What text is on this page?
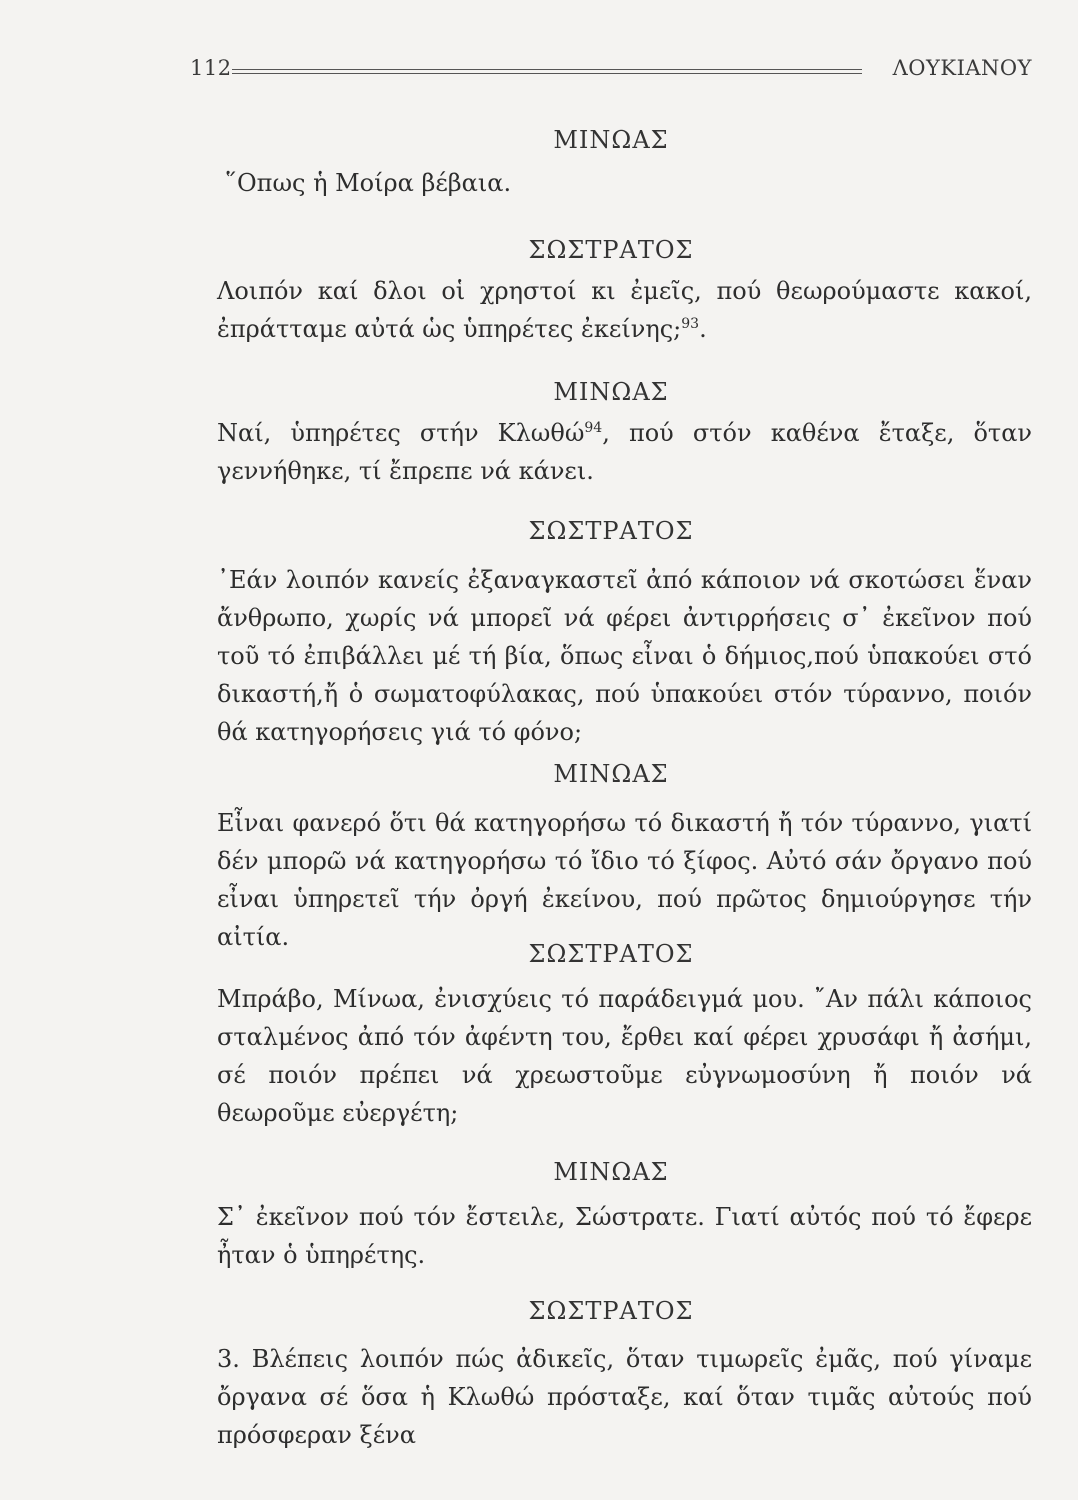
112	ΛΟΥΚΙΑΝΟΥ
ΜΙΝΩΑΣ
῞Οπως ἡ Μοίρα βέβαια.
ΣΩΣΤΡΑΤΟΣ
Λοιπόν καί δλοι οἱ χρηστοί κι ἐμεῖς, πού θεωρούμαστε κακοί, ἐπράτταμε αὐτά ὡς ὑπηρέτες ἐκείνης;$^{93}$.
ΜΙΝΩΑΣ
Ναί, ὑπηρέτες στήν Κλωθώ$^{94}$, πού στόν καθένα ἔταξε, ὅταν γεννήθηκε, τί ἔπρεπε νά κάνει.
ΣΩΣΤΡΑΤΟΣ
᾿Εάν λοιπόν κανείς ἐξαναγκαστεῖ ἀπό κάποιον νά σκοτώσει ἕναν ἄνθρωπο, χωρίς νά μπορεῖ νά φέρει ἀντιρρήσεις σ᾿ ἐκεῖνον πού τοῦ τό ἐπιβάλλει μέ τή βία, ὅπως εἶναι ὁ δήμιος,πού ὑπακούει στό δικαστή,ἤ ὁ σωματοφύλακας, πού ὑπακούει στόν τύραννο, ποιόν θά κατηγορήσεις γιά τό φόνο;
ΜΙΝΩΑΣ
Εἶναι φανερό ὅτι θά κατηγορήσω τό δικαστή ἤ τόν τύραννο, γιατί δέν μπορῶ νά κατηγορήσω τό ἴδιο τό ξίφος. Αὐτό σάν ὄργανο πού εἶναι ὑπηρετεῖ τήν ὀργή ἐκείνου, πού πρῶτος δημιούργησε τήν αἰτία.
ΣΩΣΤΡΑΤΟΣ
Μπράβο, Μίνωα, ἐνισχύεις τό παράδειγμά μου. ῎Αν πάλι κάποιος σταλμένος ἀπό τόν ἀφέντη του, ἔρθει καί φέρει χρυσάφι ἤ ἀσήμι, σέ ποιόν πρέπει νά χρεωστοῦμε εὐγνωμοσύνη ἤ ποιόν νά θεωροῦμε εὐεργέτη;
ΜΙΝΩΑΣ
Σ᾿ ἐκεῖνον πού τόν ἔστειλε, Σώστρατε. Γιατί αὐτός πού τό ἔφερε ἦταν ὁ ὑπηρέτης.
ΣΩΣΤΡΑΤΟΣ
3. Βλέπεις λοιπόν πώς ἀδικεῖς, ὅταν τιμωρεῖς ἐμᾶς, πού γίναμε ὄργανα σέ ὅσα ἡ Κλωθώ πρόσταξε, καί ὅταν τιμᾶς αὐτούς πού πρόσφεραν ξένα
